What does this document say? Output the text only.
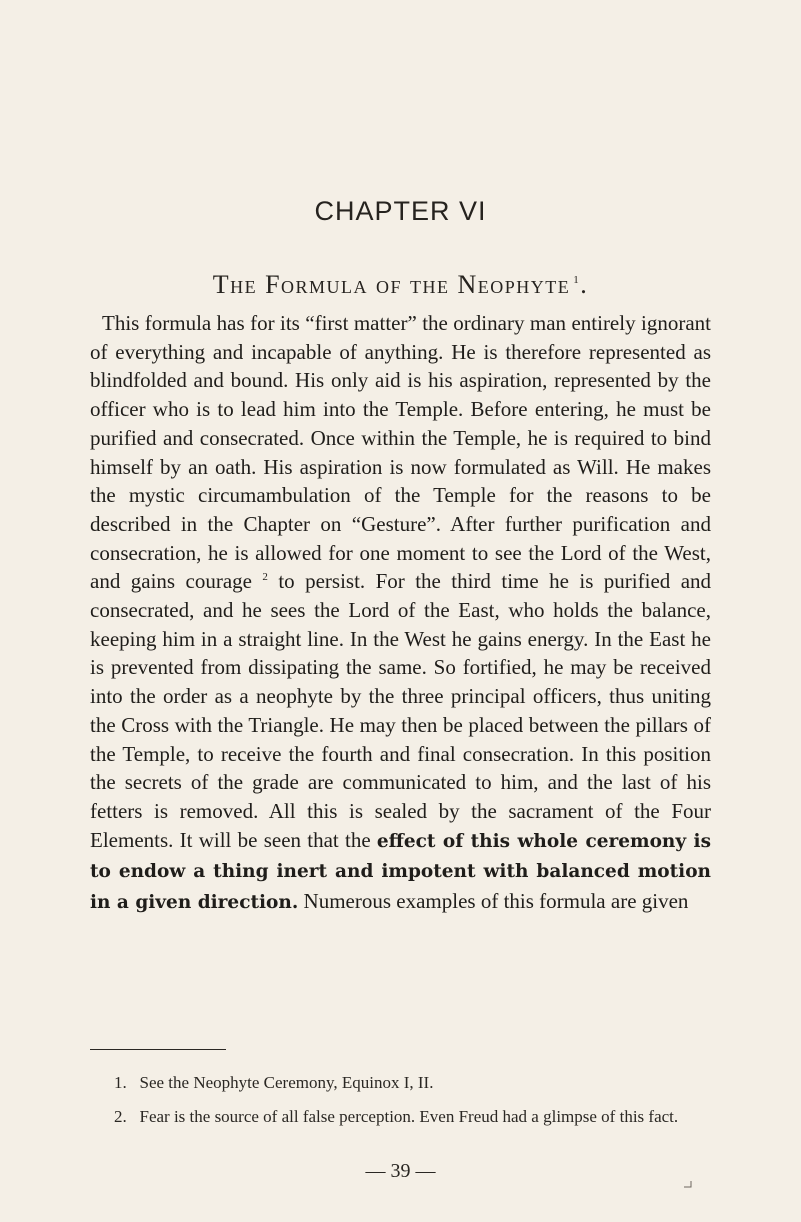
CHAPTER VI
The Formula of the Neophyte $^1$.
This formula has for its “first matter” the ordinary man entirely ignorant of everything and incapable of anything. He is therefore represented as blindfolded and bound. His only aid is his aspiration, represented by the officer who is to lead him into the Temple. Before entering, he must be purified and consecrated. Once within the Temple, he is required to bind himself by an oath. His aspiration is now formulated as Will. He makes the mystic circumambulation of the Temple for the reasons to be described in the Chapter on “Gesture”. After further purification and consecration, he is allowed for one moment to see the Lord of the West, and gains courage $^2$ to persist. For the third time he is purified and consecrated, and he sees the Lord of the East, who holds the balance, keeping him in a straight line. In the West he gains energy. In the East he is prevented from dissipating the same. So fortified, he may be received into the order as a neophyte by the three principal officers, thus uniting the Cross with the Triangle. He may then be placed between the pillars of the Temple, to receive the fourth and final consecration. In this position the secrets of the grade are communicated to him, and the last of his fetters is removed. All this is sealed by the sacrament of the Four Elements. It will be seen that the effect of this whole ceremony is to endow a thing inert and impotent with balanced motion in a given direction. Numerous examples of this formula are given
1. See the Neophyte Ceremony, Equinox I, II.
2. Fear is the source of all false perception. Even Freud had a glimpse of this fact.
— 39 —
